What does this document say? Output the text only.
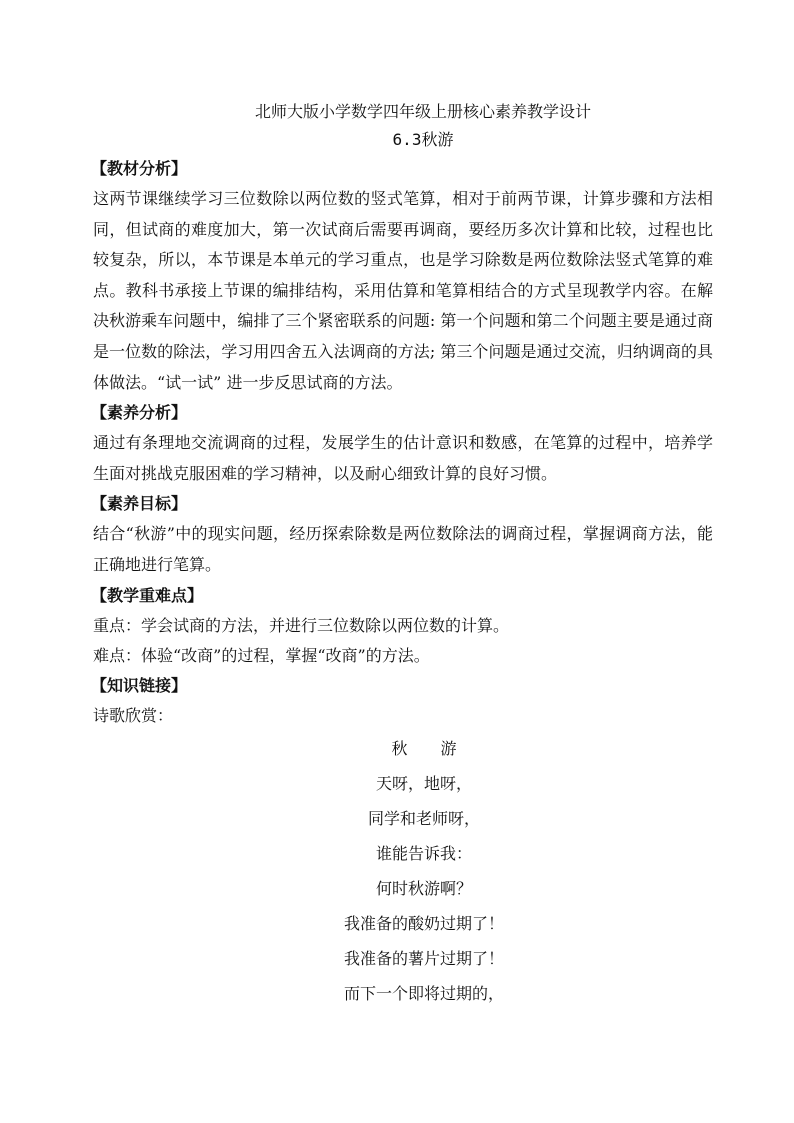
北师大版小学数学四年级上册核心素养教学设计
6.3秋游
【教材分析】

这两节课继续学习三位数除以两位数的竖式笔算，相对于前两节课，计算步骤和方法相同，但试商的难度加大，第一次试商后需要再调商，要经历多次计算和比较，过程也比较复杂，所以，本节课是本单元的学习重点，也是学习除数是两位数除法竖式笔算的难点。教科书承接上节课的编排结构，采用估算和笔算相结合的方式呈现教学内容。在解决秋游乘车问题中，编排了三个紧密联系的问题: 第一个问题和第二个问题主要是通过商是一位数的除法，学习用四舍五入法调商的方法; 第三个问题是通过交流，归纳调商的具体做法。“试一试” 进一步反思试商的方法。

【素养分析】

通过有条理地交流调商的过程，发展学生的估计意识和数感，在笔算的过程中，培养学生面对挑战克服困难的学习精神，以及耐心细致计算的良好习惯。

【素养目标】

结合“秋游”中的现实问题，经历探索除数是两位数除法的调商过程，掌握调商方法，能正确地进行笔算。

【教学重难点】
重点：学会试商的方法，并进行三位数除以两位数的计算。
难点：体验“改商”的过程，掌握“改商”的方法。
【知识链接】
诗歌欣赏：
秋 游
天呀，地呀，
同学和老师呀，
谁能告诉我：
何时秋游啊？
我准备的酸奶过期了！
我准备的薯片过期了！
而下一个即将过期的，
